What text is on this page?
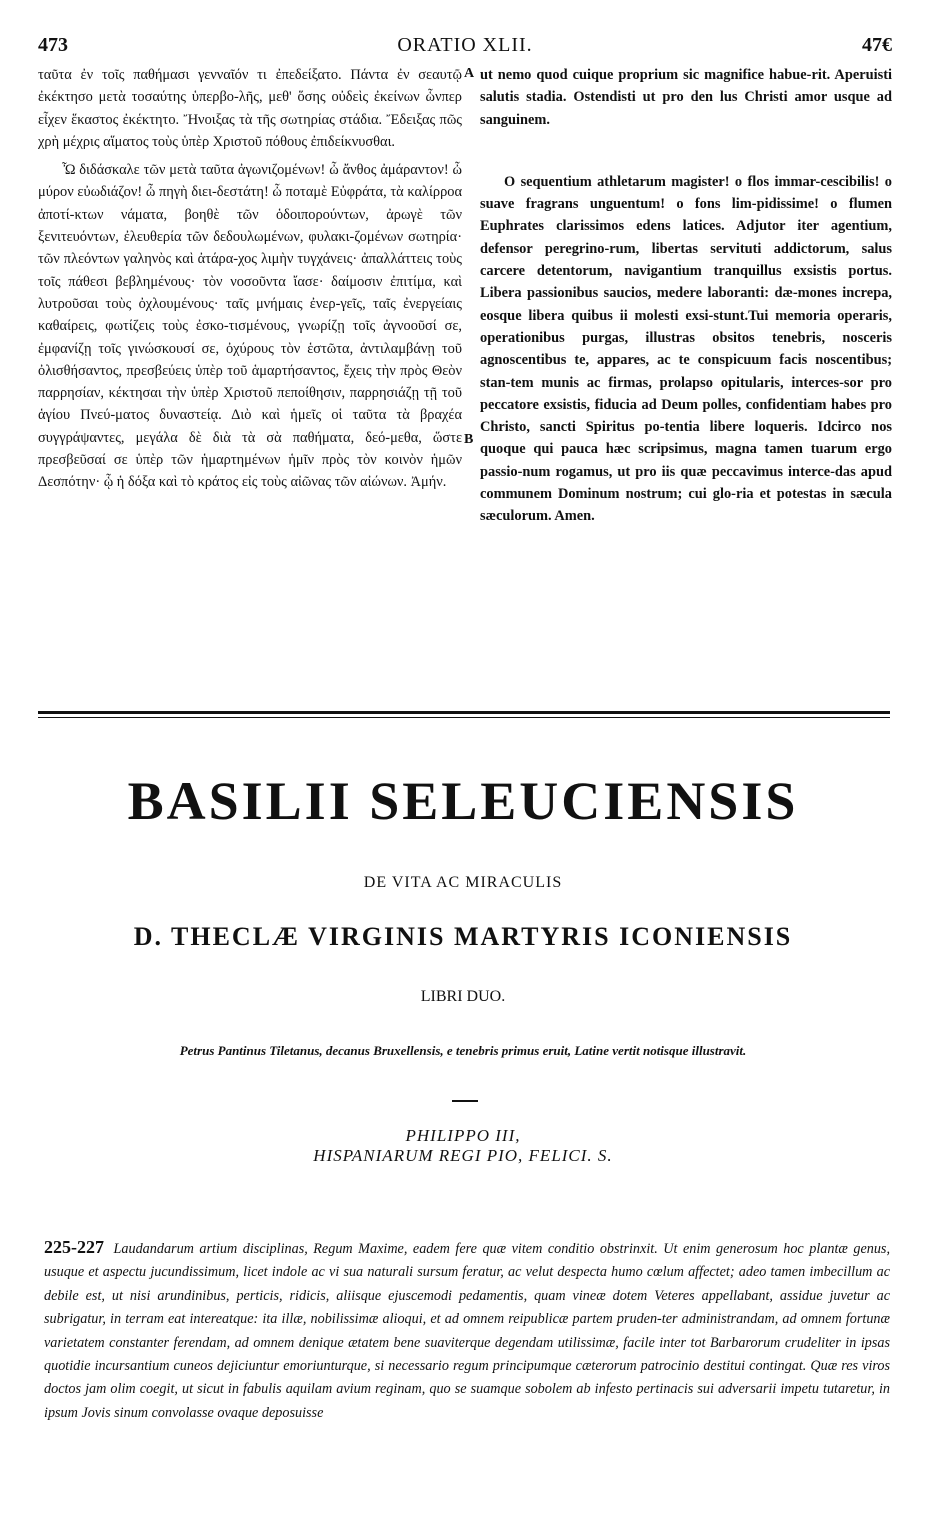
473	ORATIO XLII.	47€
A
B

ταῦτα ἐν τοῖς παθήμασι γενναῖόν τι ἐπεδείξατο. Πάντα ἐν σεαυτῷ ἐκέκτησο μετὰ τοσαύτης ὑπερβο-λῆς, μεθ' ὅσης οὐδεὶς ἐκείνων ὧνπερ εἶχεν ἕκαστος ἐκέκτητο. Ἤνοιξας τὰ τῆς σωτηρίας στάδια. Ἔδειξας πῶς χρὴ μέχρις αἵματος τοὺς ὑπὲρ Χριστοῦ πόθους ἐπιδείκνυσθαι.

Ὦ διδάσκαλε τῶν μετὰ ταῦτα ἀγωνιζομένων! ὦ ἄνθος ἀμάραντον! ὦ μύρον εὐωδιάζον! ὦ πηγὴ διει-δεστάτη! ὦ ποταμὲ Εὐφράτα, τὰ καλίρροα ἀποτί-κτων νάματα, βοηθὲ τῶν ὁδοιπορούντων, ἀρωγὲ τῶν ξενιτευόντων, ἐλευθερία τῶν δεδουλωμένων, φυλακι-ζομένων σωτηρία· τῶν πλεόντων γαληνὸς καὶ ἀτάρα-χος λιμὴν τυγχάνεις· ἀπαλλάττεις τοὺς τοῖς πάθεσι βεβλημένους· τὸν νοσοῦντα ἴασε· δαίμοσιν ἐπιτίμα, καὶ λυτροῦσαι τοὺς ὀχλουμένους· ταῖς μνήμαις ἐνερ-γεῖς, ταῖς ἐνεργείαις καθαίρεις, φωτίζεις τοὺς ἐσκο-τισμένους, γνωρίζῃ τοῖς ἀγνοοῦσί σε, ἐμφανίζῃ τοῖς γινώσκουσί σε, ὀχύρους τὸν ἑστῶτα, ἀντιλαμβάνῃ τοῦ ὀλισθήσαντος, πρεσβεύεις ὑπὲρ τοῦ ἁμαρτήσαντος, ἔχεις τὴν πρὸς Θεὸν παρρησίαν, κέκτησαι τὴν ὑπὲρ Χριστοῦ πεποίθησιν, παρρησιάζῃ τῇ τοῦ ἁγίου Πνεύ-ματος δυναστείᾳ. Διὸ καὶ ἡμεῖς οἱ ταῦτα τὰ βραχέα συγγράψαντες, μεγάλα δὲ διὰ τὰ σὰ παθήματα, δεό-μεθα, ὥστε πρεσβεῦσαί σε ὑπὲρ τῶν ἡμαρτημένων ἡμῖν πρὸς τὸν κοινὸν ἡμῶν Δεσπότην· ᾧ ἡ δόξα καὶ τὸ κράτος εἰς τοὺς αἰῶνας τῶν αἰώνων. Ἀμήν.

ut nemo quod cuique proprium sic magnifice habue-rit. Aperuisti salutis stadia. Ostendisti ut pro den lus Christi amor usque ad sanguinem.

O sequentium athletarum magister! o flos immar-cescibilis! o suave fragrans unguentum! o fons lim-pidissime! o flumen Euphrates clarissimos edens latices. Adjutor iter agentium, defensor peregrino-rum, libertas servituti addictorum, salus carcere detentorum, navigantium tranquillus exsistis portus. Libera passionibus saucios, medere laboranti: dæ-mones increpa, eosque libera quibus ii molesti exsi-stunt.Tui memoria operaris, operationibus purgas, illustras obsitos tenebris, nosceris agnoscentibus te, appares, ac te conspicuum facis noscentibus; stan-tem munis ac firmas, prolapso opitularis, interces-sor pro peccatore exsistis, fiducia ad Deum polles, confidentiam habes pro Christo, sancti Spiritus po-tentia libere loqueris. Idcirco nos quoque qui pauca hæc scripsimus, magna tamen tuarum ergo passio-num rogamus, ut pro iis quæ peccavimus interce-das apud communem Dominum nostrum; cui glo-ria et potestas in sæcula sæculorum. Amen.

BASILII SELEUCIENSIS
DE VITA AC MIRACULIS
D. THECLÆ VIRGINIS MARTYRIS ICONIENSIS
LIBRI DUO.
Petrus Pantinus Tiletanus, decanus Bruxellensis, e tenebris primus eruit, Latine vertit notisque illustravit.
PHILIPPO III,
HISPANIARUM REGI PIO, FELICI. S.
225-227 Laudandarum artium disciplinas, Regum Maxime, eadem fere quæ vitem conditio obstrinxit. Ut enim generosum hoc plantæ genus, usuque et aspectu jucundissimum, licet indole ac vi sua naturali sursum feratur, ac velut despecta humo cœlum affectet; adeo tamen imbecillum ac debile est, ut nisi arundinibus, perticis, ridicis, aliisque ejuscemodi pedamentis, quam vineæ dotem Veteres appellabant, assidue juvetur ac subrigatur, in terram eat intereatque: ita illæ, nobilissimæ alioqui, et ad omnem reipublicæ partem pruden-ter administrandam, ad omnem fortunæ varietatem constanter ferendam, ad omnem denique ætatem bene suaviterque degendam utilissimæ, facile inter tot Barbarorum crudeliter in ipsas quotidie incursantium cuneos dejiciuntur emoriunturque, si necessario regum principumque cæterorum patrocinio destitui contingat. Quæ res viros doctos jam olim coegit, ut sicut in fabulis aquilam avium reginam, quo se suamque sobolem ab infesto pertinacis sui adversarii impetu tutaretur, in ipsum Jovis sinum convolasse ovaque deposuisse
